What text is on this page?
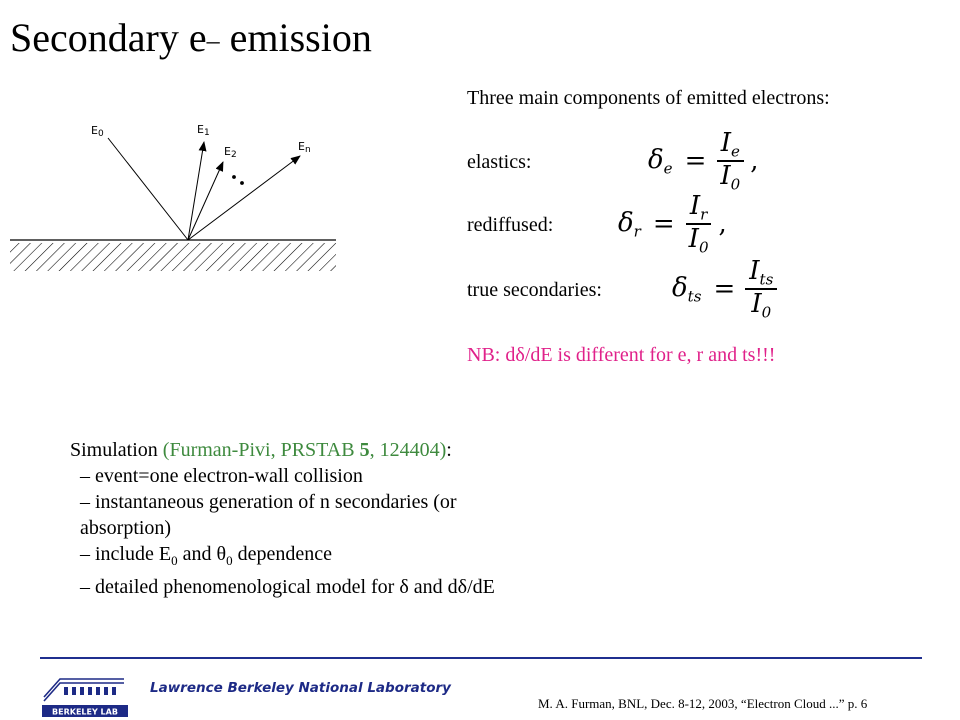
Secondary e– emission
E0	E1
E2
En
Three main components of emitted electrons:
elastics:	$\delta_e = \frac{I_e}{I_0}$ ,
rediffused: $\delta_r = \frac{I_r}{I_0}$ ,
true secondaries:	$\delta_{ts} = \frac{I_{ts}}{I_0}$
NB: dδ/dE is different for e, r and ts!!!
Simulation (Furman-Pivi, PRSTAB 5, 124404):
– event=one electron-wall collision
– instantaneous generation of n secondaries (or
absorption)
– include $E_0$ and $\theta_0$ dependence
– detailed phenomenological model for δ and dδ/dE
BERKELEY LAB
Lawrence Berkeley National Laboratory
M. A. Furman, BNL, Dec. 8-12, 2003, “Electron Cloud ...” p. 6
